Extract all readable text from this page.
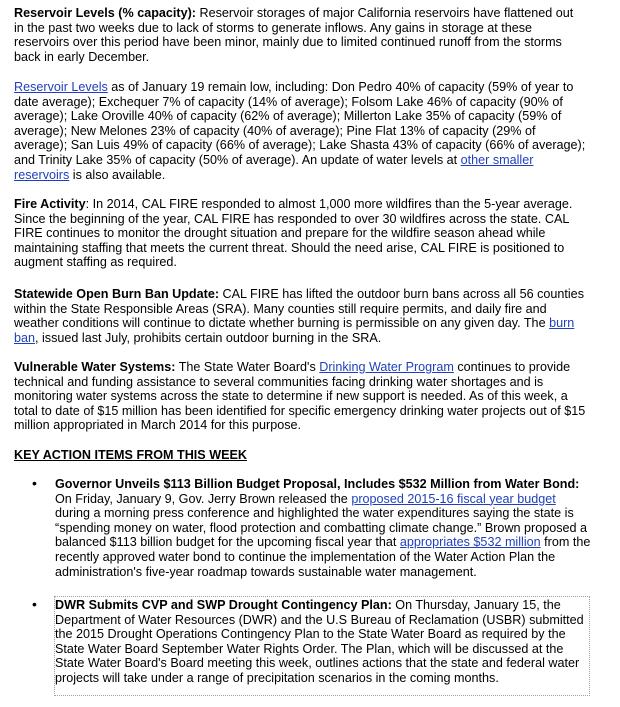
Reservoir Levels (% capacity): Reservoir storages of major California reservoirs have flattened out in the past two weeks due to lack of storms to generate inflows. Any gains in storage at these reservoirs over this period have been minor, mainly due to limited continued runoff from the storms back in early December.

Reservoir Levels as of January 19 remain low, including: Don Pedro 40% of capacity (59% of year to date average); Exchequer 7% of capacity (14% of average); Folsom Lake 46% of capacity (90% of average); Lake Oroville 40% of capacity (62% of average); Millerton Lake 35% of capacity (59% of average); New Melones 23% of capacity (40% of average); Pine Flat 13% of capacity (29% of average); San Luis 49% of capacity (66% of average); Lake Shasta 43% of capacity (66% of average); and Trinity Lake 35% of capacity (50% of average). An update of water levels at other smaller reservoirs is also available.

Fire Activity: In 2014, CAL FIRE responded to almost 1,000 more wildfires than the 5-year average. Since the beginning of the year, CAL FIRE has responded to over 30 wildfires across the state. CAL FIRE continues to monitor the drought situation and prepare for the wildfire season ahead while maintaining staffing that meets the current threat. Should the need arise, CAL FIRE is positioned to augment staffing as required.

Statewide Open Burn Ban Update: CAL FIRE has lifted the outdoor burn bans across all 56 counties within the State Responsible Areas (SRA). Many counties still require permits, and daily fire and weather conditions will continue to dictate whether burning is permissible on any given day. The burn ban, issued last July, prohibits certain outdoor burning in the SRA.

Vulnerable Water Systems: The State Water Board's Drinking Water Program continues to provide technical and funding assistance to several communities facing drinking water shortages and is monitoring water systems across the state to determine if new support is needed. As of this week, a total to date of $15 million has been identified for specific emergency drinking water projects out of $15 million appropriated in March 2014 for this purpose.

KEY ACTION ITEMS FROM THIS WEEK

• Governor Unveils $113 Billion Budget Proposal, Includes $532 Million from Water Bond: On Friday, January 9, Gov. Jerry Brown released the proposed 2015-16 fiscal year budget during a morning press conference and highlighted the water expenditures saying the state is “spending money on water, flood protection and combatting climate change.” Brown proposed a balanced $113 billion budget for the upcoming fiscal year that appropriates $532 million from the recently approved water bond to continue the implementation of the Water Action Plan the administration's five-year roadmap towards sustainable water management.

• DWR Submits CVP and SWP Drought Contingency Plan: On Thursday, January 15, the Department of Water Resources (DWR) and the U.S Bureau of Reclamation (USBR) submitted the 2015 Drought Operations Contingency Plan to the State Water Board as required by the State Water Board September Water Rights Order. The Plan, which will be discussed at the State Water Board's Board meeting this week, outlines actions that the state and federal water projects will take under a range of precipitation scenarios in the coming months.
